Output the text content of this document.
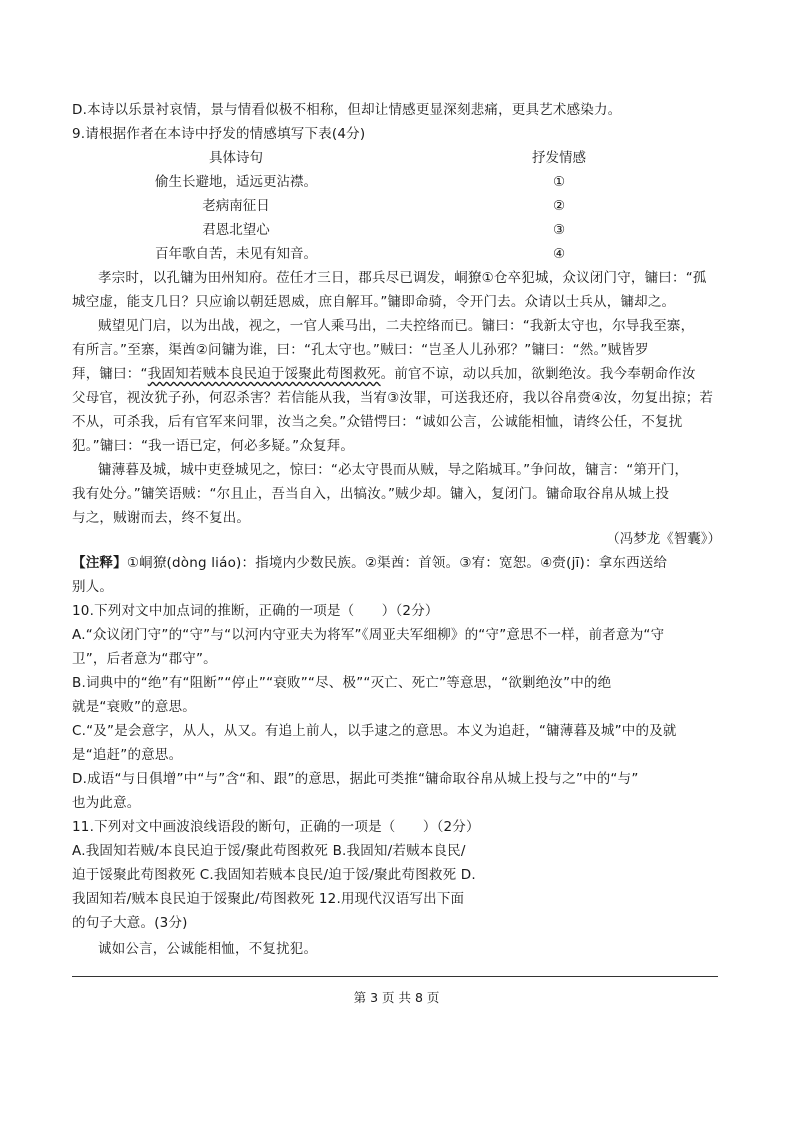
D.本诗以乐景衬哀情，景与情看似极不相称，但却让情感更显深刻悲痛，更具艺术感染力。
9.请根据作者在本诗中抒发的情感填写下表(4分)
具体诗句	抒发情感
偷生长避地，适远更沾襟。	①
老病南征日	②
君恩北望心	③
百年歌自苦，未见有知音。	④
孝宗时，以孔镛为田州知府。莅任才三日，郡兵尽已调发，峒獠①仓卒犯城，众议闭门守，镛曰：“孤
城空虚，能支几日？只应谕以朝廷恩威，庶自解耳。”镛即命骑，令开门去。众请以士兵从，镛却之。
贼望见门启，以为出战，视之，一官人乘马出，二夫控络而已。镛曰：“我新太守也，尔导我至寨，
有所言。”至寨，渠酋②问镛为谁，曰：“孔太守也。”贼曰：“岂圣人儿孙邪？”镛曰：“然。”贼皆罗
拜，镛曰：“我固知若贼本良民迫于馁聚此苟图救死。前官不谅，动以兵加，欲剿绝汝。我今奉朝命作汝
父母官，视汝犹子孙，何忍杀害？若信能从我，当宥③汝罪，可送我还府，我以谷帛赍④汝，勿复出掠；若
不从，可杀我，后有官军来问罪，汝当之矣。”众错愕曰：“诚如公言，公诚能相恤，请终公任，不复扰
犯。”镛曰：“我一语已定，何必多疑。”众复拜。
镛薄暮及城，城中吏登城见之，惊曰：“必太守畏而从贼，导之陷城耳。”争问故，镛言：“第开门，
我有处分。”镛笑语贼：“尔且止，吾当自入，出犒汝。”贼少却。镛入，复闭门。镛命取谷帛从城上投
与之，贼谢而去，终不复出。
（冯梦龙《智囊》）
【注释】①峒獠(dòng liáo)：指境内少数民族。②渠酋：首领。③宥：宽恕。④赍(jī)：拿东西送给
别人。
10.下列对文中加点词的推断，正确的一项是（　　）（2分）
A.“众议闭门守”的“守”与“以河内守亚夫为将军”《周亚夫军细柳》的“守”意思不一样，前者意为“守
卫”，后者意为“郡守”。
B.词典中的“绝”有“阻断”“停止”“衰败”“尽、极”“灭亡、死亡”等意思，“欲剿绝汝”中的绝
就是“衰败”的意思。
C.“及”是会意字，从人，从又。有追上前人，以手逮之的意思。本义为追赶，“镛薄暮及城”中的及就
是“追赶”的意思。
D.成语“与日俱增”中“与”含“和、跟”的意思，据此可类推“镛命取谷帛从城上投与之”中的“与”
也为此意。
11.下列对文中画波浪线语段的断句，正确的一项是（　　）（2分）
A.我固知若贼/本良民迫于馁/聚此苟图救死 B.我固知/若贼本良民/
迫于馁聚此苟图救死 C.我固知若贼本良民/迫于馁/聚此苟图救死 D.
我固知若/贼本良民迫于馁聚此/苟图救死 12.用现代汉语写出下面
的句子大意。(3分)
诚如公言，公诚能相恤，不复扰犯。
第 3 页 共 8 页
